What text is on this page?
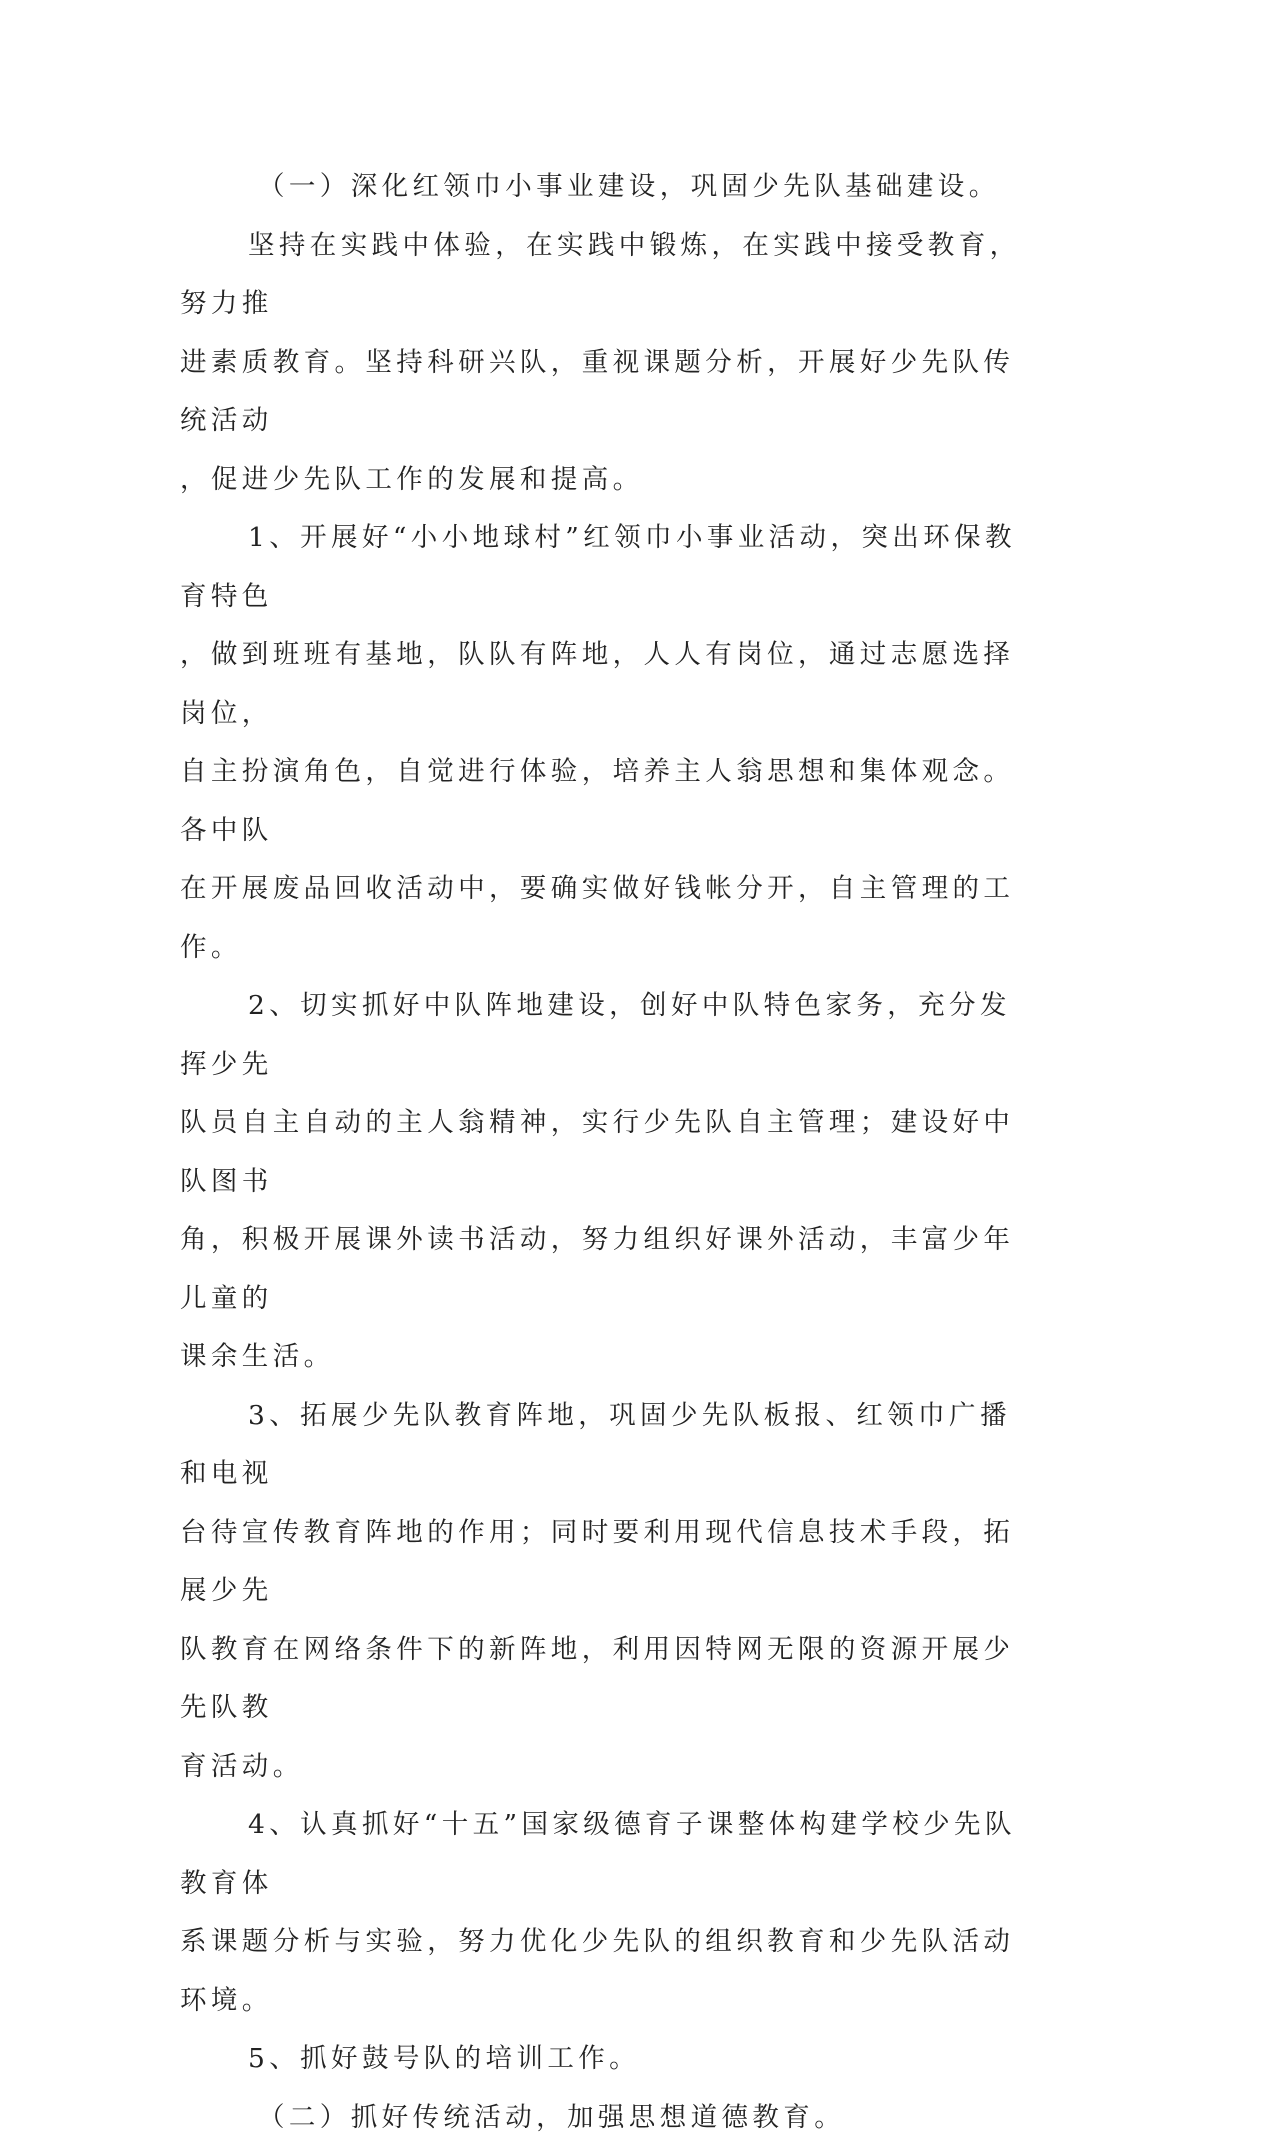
（一）深化红领巾小事业建设，巩固少先队基础建设。

坚持在实践中体验，在实践中锻炼，在实践中接受教育，努力推
进素质教育。坚持科研兴队，重视课题分析，开展好少先队传统活动
，促进少先队工作的发展和提高。

1、开展好“小小地球村”红领巾小事业活动，突出环保教育特色
，做到班班有基地，队队有阵地，人人有岗位，通过志愿选择岗位，
自主扮演角色，自觉进行体验，培养主人翁思想和集体观念。各中队
在开展废品回收活动中，要确实做好钱帐分开，自主管理的工作。

2、切实抓好中队阵地建设，创好中队特色家务，充分发挥少先
队员自主自动的主人翁精神，实行少先队自主管理；建设好中队图书
角，积极开展课外读书活动，努力组织好课外活动，丰富少年儿童的
课余生活。

3、拓展少先队教育阵地，巩固少先队板报、红领巾广播和电视
台待宣传教育阵地的作用；同时要利用现代信息技术手段，拓展少先
队教育在网络条件下的新阵地，利用因特网无限的资源开展少先队教
育活动。

4、认真抓好“十五”国家级德育子课整体构建学校少先队教育体
系课题分析与实验，努力优化少先队的组织教育和少先队活动环境。

5、抓好鼓号队的培训工作。

（二）抓好传统活动，加强思想道德教育。
